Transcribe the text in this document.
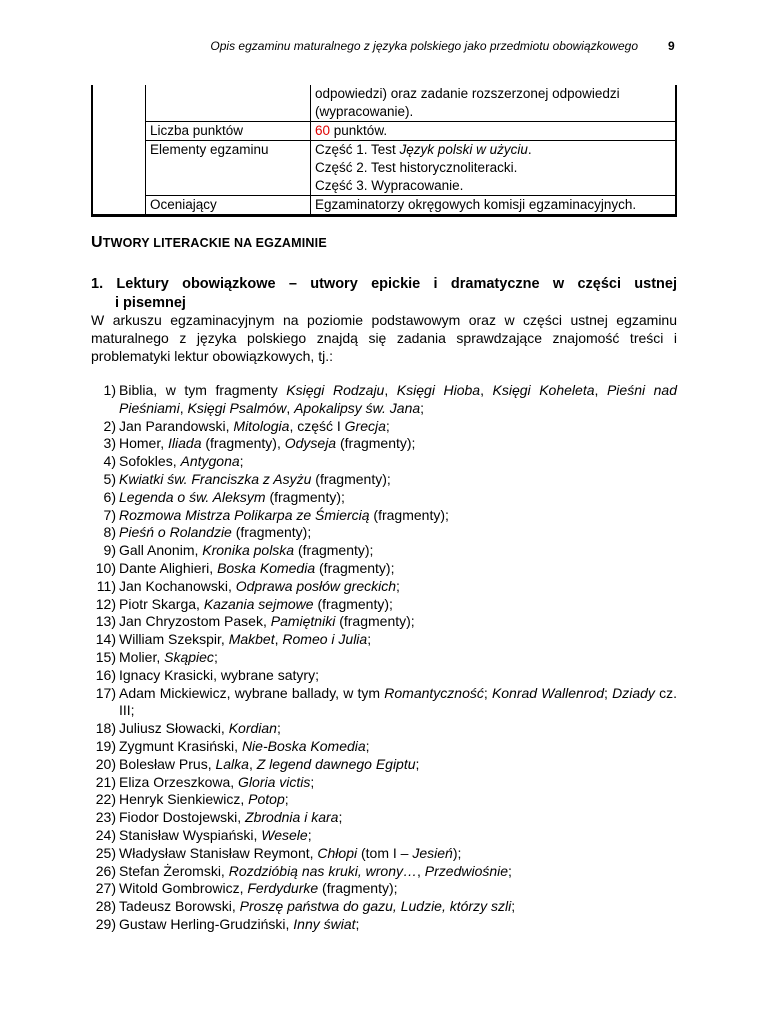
Opis egzaminu maturalnego z języka polskiego jako przedmiotu obowiązkowego	9
		odpowiedzi) oraz zadanie rozszerzonej odpowiedzi
(wypracowanie).
	Liczba punktów	60 punktów.
	Elementy egzaminu	Część 1. Test Język polski w użyciu.
Część 2. Test historycznoliteracki.
Część 3. Wypracowanie.
	Oceniający	Egzaminatorzy okręgowych komisji egzaminacyjnych.
UTWORY LITERACKIE NA EGZAMINIE
1. Lektury obowiązkowe – utwory epickie i dramatyczne w części ustnej
i pisemnej
W arkuszu egzaminacyjnym na poziomie podstawowym oraz w części ustnej egzaminu maturalnego z języka polskiego znajdą się zadania sprawdzające znajomość treści i problematyki lektur obowiązkowych, tj.:
1) Biblia, w tym fragmenty Księgi Rodzaju, Księgi Hioba, Księgi Koheleta, Pieśni nad Pieśniami, Księgi Psalmów, Apokalipsy św. Jana;
2) Jan Parandowski, Mitologia, część I Grecja;
3) Homer, Iliada (fragmenty), Odyseja (fragmenty);
4) Sofokles, Antygona;
5) Kwiatki św. Franciszka z Asyżu (fragmenty);
6) Legenda o św. Aleksym (fragmenty);
7) Rozmowa Mistrza Polikarpa ze Śmiercią (fragmenty);
8) Pieśń o Rolandzie (fragmenty);
9) Gall Anonim, Kronika polska (fragmenty);
10) Dante Alighieri, Boska Komedia (fragmenty);
11) Jan Kochanowski, Odprawa posłów greckich;
12) Piotr Skarga, Kazania sejmowe (fragmenty);
13) Jan Chryzostom Pasek, Pamiętniki (fragmenty);
14) William Szekspir, Makbet, Romeo i Julia;
15) Molier, Skąpiec;
16) Ignacy Krasicki, wybrane satyry;
17) Adam Mickiewicz, wybrane ballady, w tym Romantyczność; Konrad Wallenrod; Dziady cz. III;
18) Juliusz Słowacki, Kordian;
19) Zygmunt Krasiński, Nie-Boska Komedia;
20) Bolesław Prus, Lalka, Z legend dawnego Egiptu;
21) Eliza Orzeszkowa, Gloria victis;
22) Henryk Sienkiewicz, Potop;
23) Fiodor Dostojewski, Zbrodnia i kara;
24) Stanisław Wyspiański, Wesele;
25) Władysław Stanisław Reymont, Chłopi (tom I – Jesień);
26) Stefan Żeromski, Rozdzióbią nas kruki, wrony…, Przedwiośnie;
27) Witold Gombrowicz, Ferdydurke (fragmenty);
28) Tadeusz Borowski, Proszę państwa do gazu, Ludzie, którzy szli;
29) Gustaw Herling-Grudziński, Inny świat;
